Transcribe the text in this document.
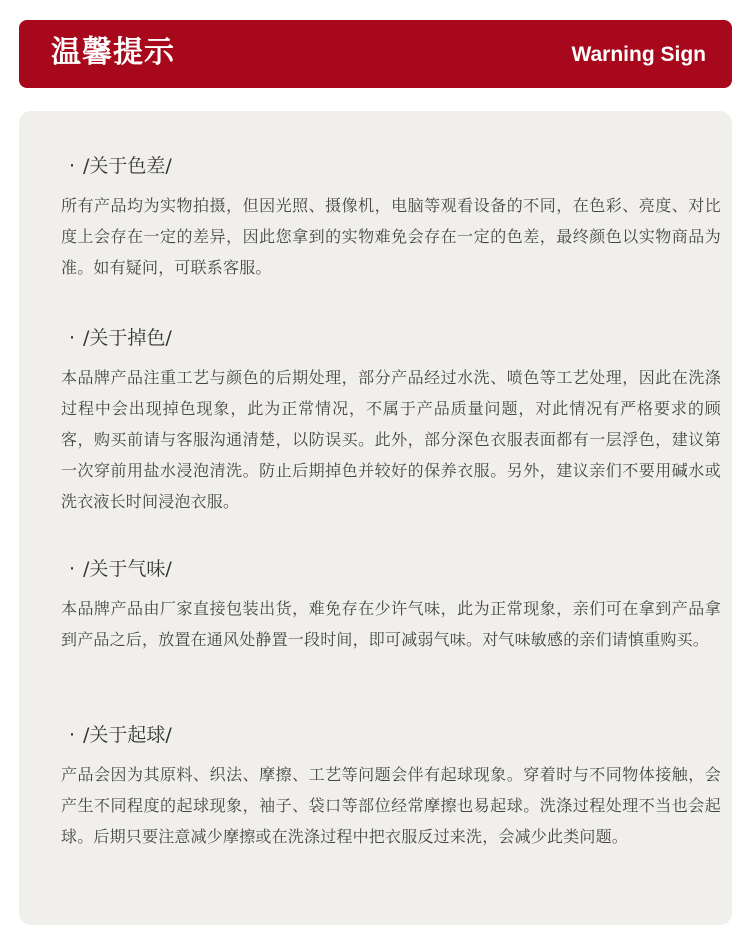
温馨提示	Warning Sign
· /关于色差/

所有产品均为实物拍摄，但因光照、摄像机，电脑等观看设备的不同，在色彩、亮度、对比度上会存在一定的差异，因此您拿到的实物难免会存在一定的色差，最终颜色以实物商品为准。如有疑问，可联系客服。

· /关于掉色/

本品牌产品注重工艺与颜色的后期处理，部分产品经过水洗、喷色等工艺处理，因此在洗涤过程中会出现掉色现象，此为正常情况，不属于产品质量问题，对此情况有严格要求的顾客，购买前请与客服沟通清楚，以防误买。此外，部分深色衣服表面都有一层浮色，建议第一次穿前用盐水浸泡清洗。防止后期掉色并较好的保养衣服。另外，建议亲们不要用碱水或洗衣液长时间浸泡衣服。

· /关于气味/

本品牌产品由厂家直接包装出货，难免存在少许气味，此为正常现象，亲们可在拿到产品拿到产品之后，放置在通风处静置一段时间，即可减弱气味。对气味敏感的亲们请慎重购买。

· /关于起球/

产品会因为其原料、织法、摩擦、工艺等问题会伴有起球现象。穿着时与不同物体接触，会产生不同程度的起球现象，袖子、袋口等部位经常摩擦也易起球。洗涤过程处理不当也会起球。后期只要注意减少摩擦或在洗涤过程中把衣服反过来洗，会减少此类问题。
